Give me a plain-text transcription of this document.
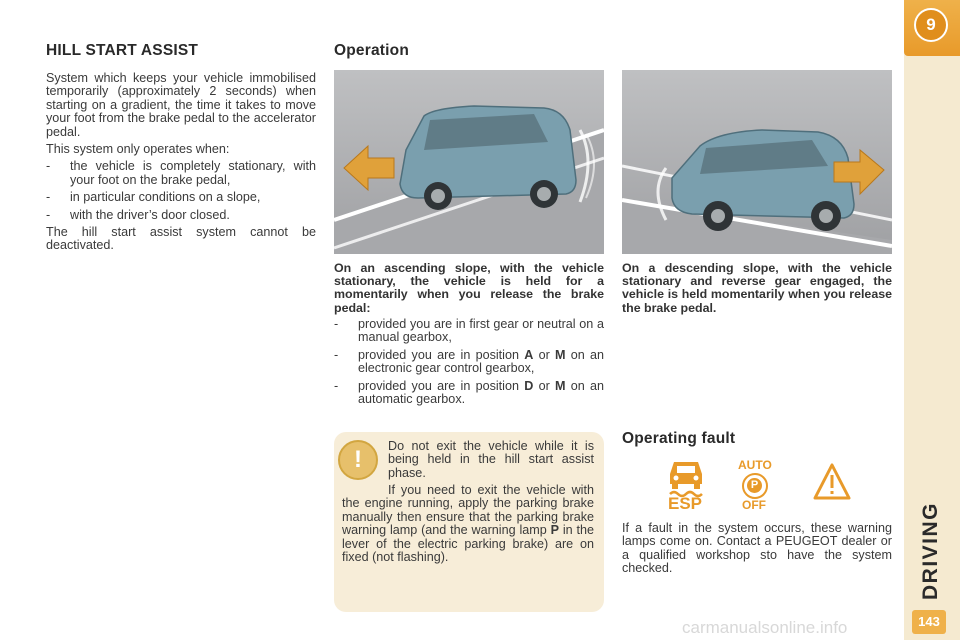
9
DRIVING
143
HILL START ASSIST

System which keeps your vehicle immobilised temporarily (approximately 2 seconds) when starting on a gradient, the time it takes to move your foot from the brake pedal to the accelerator pedal.

This system only operates when:

-	the vehicle is completely stationary, with your foot on the brake pedal,
-	in particular conditions on a slope,
-	with the driver’s door closed.

The hill start assist system cannot be deactivated.

Operation

On an ascending slope, with the vehicle stationary, the vehicle is held for a momentarily when you release the brake pedal:

-	provided you are in first gear or neutral on a manual gearbox,
-	provided you are in position A or M on an electronic gear control gearbox,
-	provided you are in position D or M on an automatic gearbox.

On a descending slope, with the vehicle stationary and reverse gear engaged, the vehicle is held momentarily when you release the brake pedal.

!	Do not exit the vehicle while it is being held in the hill start assist phase.

If you need to exit the vehicle with the engine running, apply the parking brake manually then ensure that the parking brake warning lamp (and the warning lamp P in the lever of the electric parking brake) are on fixed (not flashing).

Operating fault
ESP
AUTO
P
OFF

If a fault in the system occurs, these warning lamps come on. Contact a PEUGEOT dealer or a qualified workshop sto have the system checked.

carmanualsonline.info
